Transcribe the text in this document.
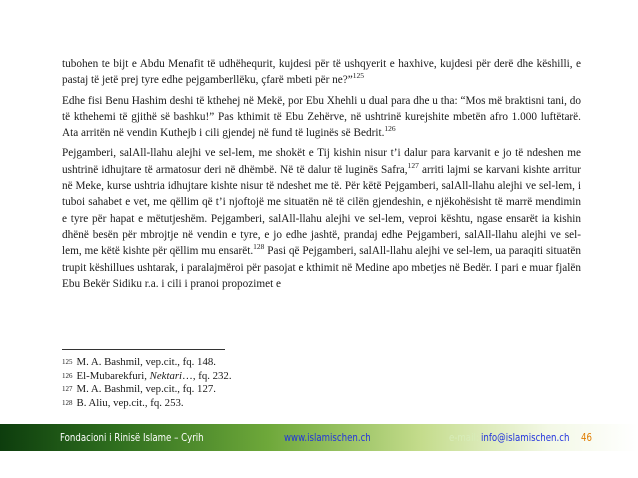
tubohen te bijt e Abdu Menafit të udhëhequrit, kujdesi për të ushqyerit e haxhive, kujdesi për derë dhe këshilli, e pastaj të jetë prej tyre edhe pejgamberllëku, çfarë mbeti për ne?”$^{125}$

Edhe fisi Benu Hashim deshi të kthehej në Mekë, por Ebu Xhehli u dual para dhe u tha: “Mos më braktisni tani, do të kthehemi të gjithë së bashku!” Pas kthimit të Ebu Zehërve, në ushtrinë kurejshite mbetën afro 1.000 luftëtarë. Ata arritën në vendin Kuthejb i cili gjendej në fund të luginës së Bedrit.$^{126}$

Pejgamberi, salAll-llahu alejhi ve sel-lem, me shokët e Tij kishin nisur t’i dalur para karvanit e jo të ndeshen me ushtrinë idhujtare të armatosur deri në dhëmbë. Në të dalur të luginës Safra,$^{127}$ arriti lajmi se karvani kishte arritur në Meke, kurse ushtria idhujtare kishte nisur të ndeshet me të. Për këtë Pejgamberi, salAll-llahu alejhi ve sel-lem, i tuboi sahabet e vet, me qëllim që t’i njoftojë me situatën në të cilën gjendeshin, e njëkohësisht të marrë mendimin e tyre për hapat e mëtutjeshëm. Pejgamberi, salAll-llahu alejhi ve sel-lem, veproi kështu, ngase ensarët ia kishin dhënë besën për mbrojtje në vendin e tyre, e jo edhe jashtë, prandaj edhe Pejgamberi, salAll-llahu alejhi ve sel-lem, me këtë kishte për qëllim mu ensarët.$^{128}$ Pasi që Pejgamberi, salAll-llahu alejhi ve sel-lem, ua paraqiti situatën trupit këshillues ushtarak, i paralajmëroi për pasojat e kthimit në Medine apo mbetjes në Bedër. I pari e muar fjalën Ebu Bekër Sidiku r.a. i cili i pranoi propozimet e

125 M. A. Bashmil, vep.cit., fq. 148.
126 El-Mubarekfuri, Nektari…, fq. 232.
127 M. A. Bashmil, vep.cit., fq. 127.
128 B. Aliu, vep.cit., fq. 253.
Fondacioni i Rinisë Islame – Cyrih	www.islamischen.ch	e-mail: info@islamischen.ch 46
